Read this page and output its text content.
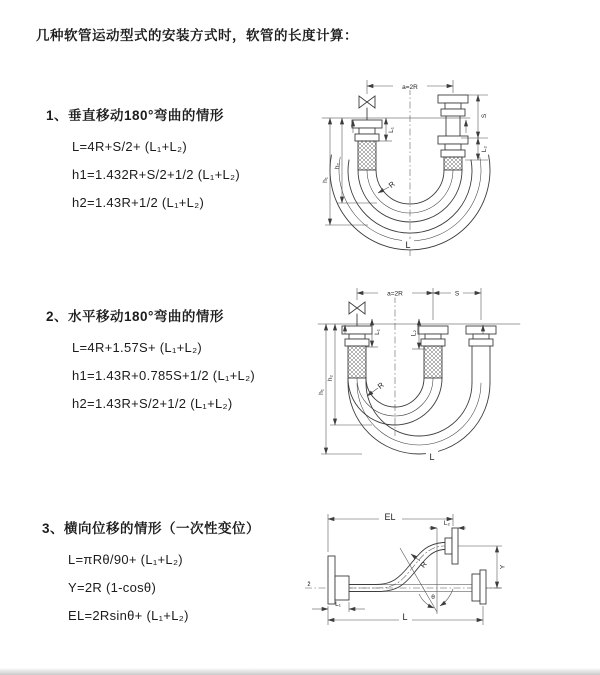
几种软管运动型式的安装方式时，软管的长度计算：
1、垂直移动180°弯曲的情形
L=4R+S/2+ (L₁+L₂)
h1=1.432R+S/2+1/2 (L₁+L₂)
h2=1.43R+1/2 (L₁+L₂)
2、水平移动180°弯曲的情形
L=4R+1.57S+ (L₁+L₂)
h1=1.43R+0.785S+1/2 (L₁+L₂)
h2=1.43R+S/2+1/2 (L₁+L₂)
3、横向位移的情形（一次性变位）
L=πRθ/90+ (L₁+L₂)
Y=2R (1-cosθ)
EL=2Rsinθ+ (L₁+L₂)
a=2R
S
L₂
h₁
h₂
L₁
R
L
a=2R	S
h₁
h₂
L₁	L₂
R
L
EL
L₂
Y
L
L₁
R
θ
z̄
